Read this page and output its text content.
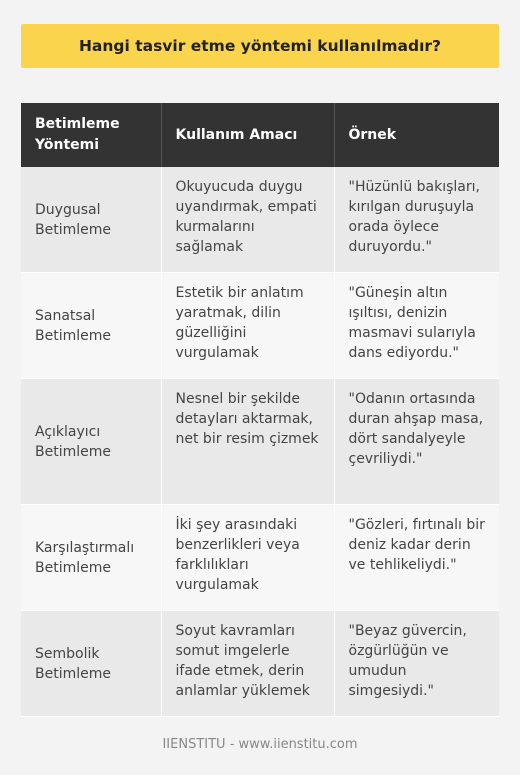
Hangi tasvir etme yöntemi kullanılmadır?
Betimleme Yöntemi	Kullanım Amacı	Örnek
Duygusal Betimleme	Okuyucuda duygu uyandırmak, empati kurmalarını sağlamak	"Hüzünlü bakışları, kırılgan duruşuyla orada öylece duruyordu."
Sanatsal Betimleme	Estetik bir anlatım yaratmak, dilin güzelliğini vurgulamak	"Güneşin altın ışıltısı, denizin masmavi sularıyla dans ediyordu."
Açıklayıcı Betimleme	Nesnel bir şekilde detayları aktarmak, net bir resim çizmek	"Odanın ortasında duran ahşap masa, dört sandalyeyle çevriliydi."
Karşılaştırmalı Betimleme	İki şey arasındaki benzerlikleri veya farklılıkları vurgulamak	"Gözleri, fırtınalı bir deniz kadar derin ve tehlikeliydi."
Sembolik Betimleme	Soyut kavramları somut imgelerle ifade etmek, derin anlamlar yüklemek	"Beyaz güvercin, özgürlüğün ve umudun simgesiydi."
IIENSTITU - www.iienstitu.com
